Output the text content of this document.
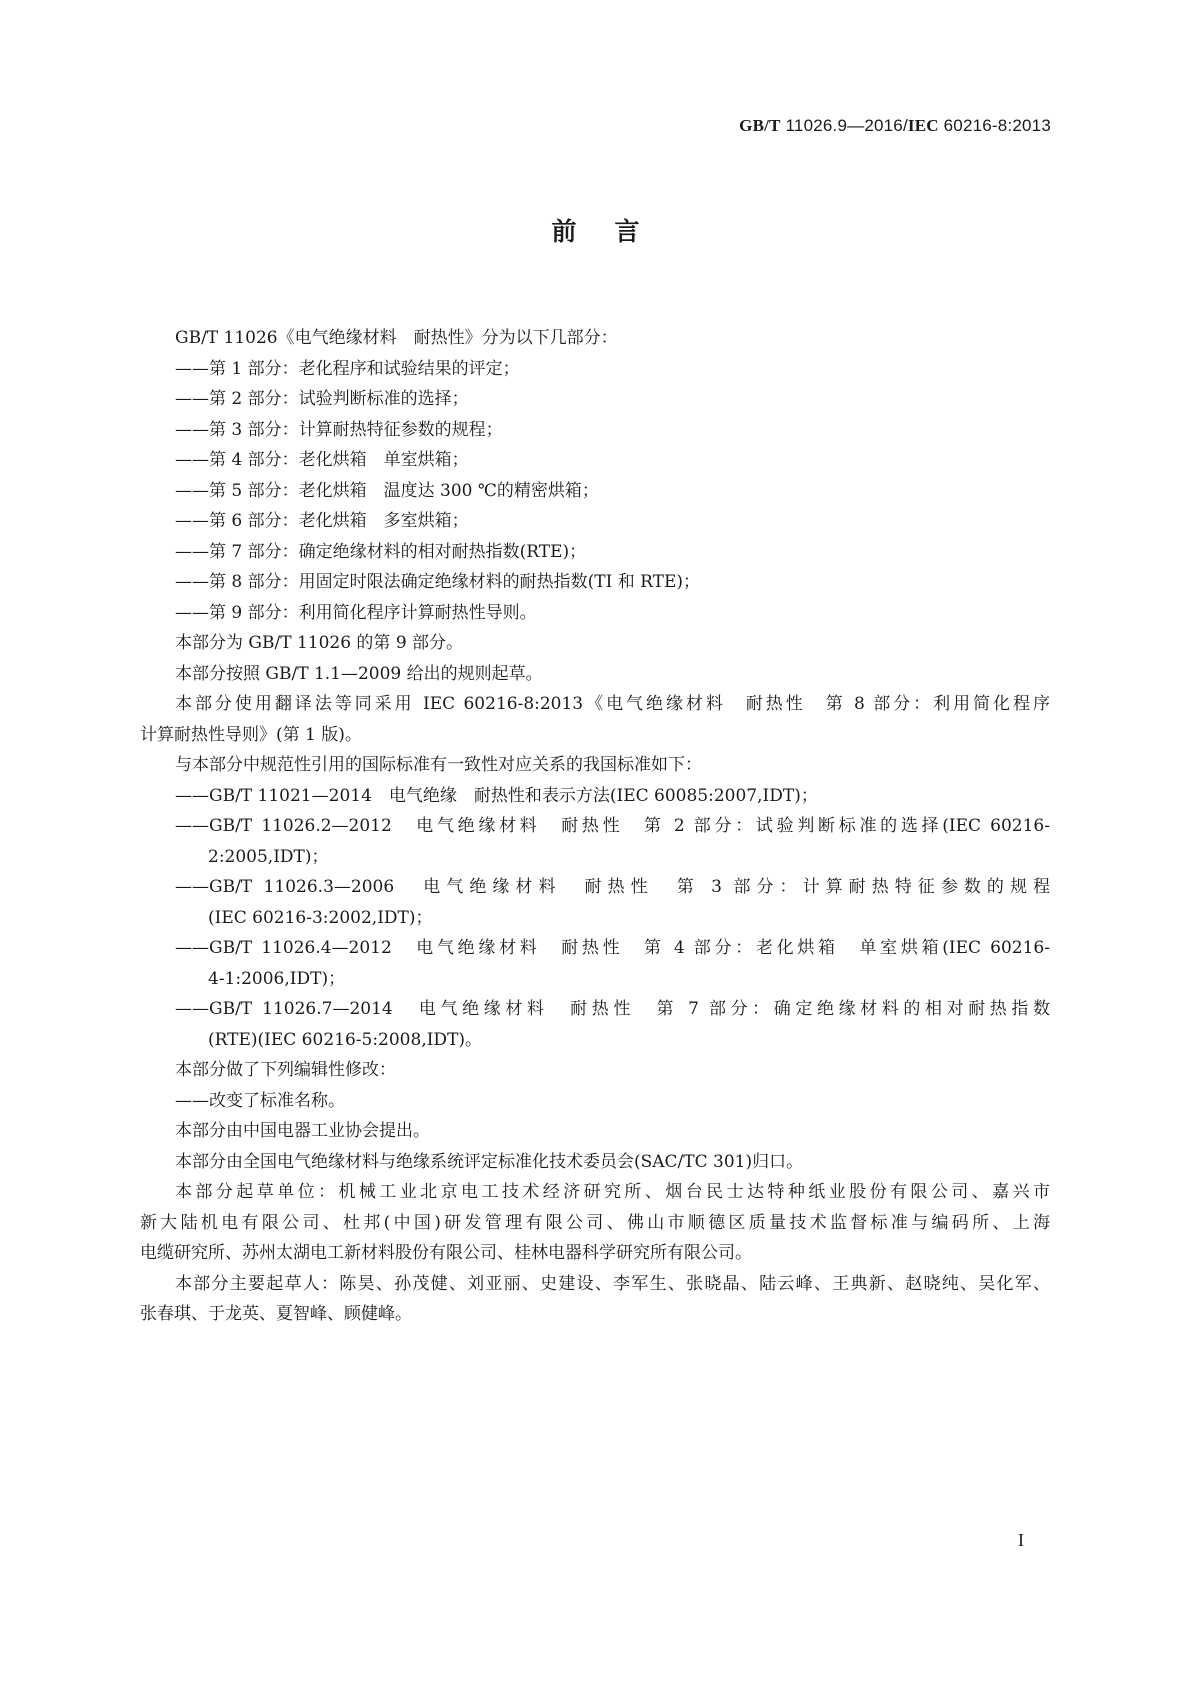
GB/T 11026.9—2016/IEC 60216-8:2013
前言
GB/T 11026《电气绝缘材料　耐热性》分为以下几部分：
——第 1 部分：老化程序和试验结果的评定；
——第 2 部分：试验判断标准的选择；
——第 3 部分：计算耐热特征参数的规程；
——第 4 部分：老化烘箱　单室烘箱；
——第 5 部分：老化烘箱　温度达 300 ℃的精密烘箱；
——第 6 部分：老化烘箱　多室烘箱；
——第 7 部分：确定绝缘材料的相对耐热指数(RTE)；
——第 8 部分：用固定时限法确定绝缘材料的耐热指数(TI 和 RTE)；
——第 9 部分：利用简化程序计算耐热性导则。
本部分为 GB/T 11026 的第 9 部分。
本部分按照 GB/T 1.1—2009 给出的规则起草。
本部分使用翻译法等同采用 IEC 60216-8:2013《电气绝缘材料　耐热性　第 8 部分：利用简化程序
计算耐热性导则》(第 1 版)。
与本部分中规范性引用的国际标准有一致性对应关系的我国标准如下：
——GB/T 11021—2014　电气绝缘　耐热性和表示方法(IEC 60085:2007,IDT)；
——GB/T 11026.2—2012　电气绝缘材料　耐热性　第 2 部分：试验判断标准的选择(IEC 60216-
2:2005,IDT)；
——GB/T 11026.3—2006　电气绝缘材料　耐热性　第 3 部分：计算耐热特征参数的规程
(IEC 60216-3:2002,IDT)；
——GB/T 11026.4—2012　电气绝缘材料　耐热性　第 4 部分：老化烘箱　单室烘箱(IEC 60216-
4-1:2006,IDT)；
——GB/T 11026.7—2014　电气绝缘材料　耐热性　第 7 部分：确定绝缘材料的相对耐热指数
(RTE)(IEC 60216-5:2008,IDT)。
本部分做了下列编辑性修改：
——改变了标准名称。
本部分由中国电器工业协会提出。
本部分由全国电气绝缘材料与绝缘系统评定标准化技术委员会(SAC/TC 301)归口。
本部分起草单位：机械工业北京电工技术经济研究所、烟台民士达特种纸业股份有限公司、嘉兴市
新大陆机电有限公司、杜邦(中国)研发管理有限公司、佛山市顺德区质量技术监督标准与编码所、上海
电缆研究所、苏州太湖电工新材料股份有限公司、桂林电器科学研究所有限公司。
本部分主要起草人：陈昊、孙茂健、刘亚丽、史建设、李军生、张晓晶、陆云峰、王典新、赵晓纯、吴化军、
张春琪、于龙英、夏智峰、顾健峰。
I
